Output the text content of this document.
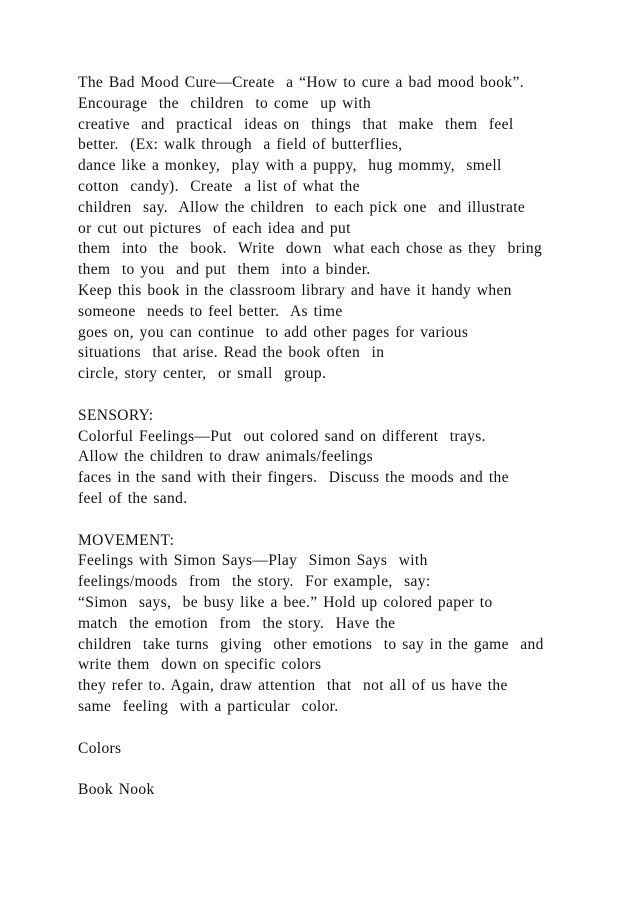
The Bad Mood Cure—Create  a “How to cure a bad mood book”.
Encourage  the  children  to come  up with
creative  and  practical  ideas on  things  that  make  them  feel
better.  (Ex: walk through  a field of butterflies,
dance like a monkey,  play with a puppy,  hug mommy,  smell
cotton  candy).  Create  a list of what the
children  say.  Allow the children  to each pick one  and illustrate
or cut out pictures  of each idea and put
them  into  the  book.  Write  down  what each chose as they  bring
them  to you  and put  them  into a binder.
Keep this book in the classroom library and have it handy when
someone  needs to feel better.  As time
goes on, you can continue  to add other pages for various
situations  that arise. Read the book often  in
circle, story center,  or small  group.
SENSORY:
Colorful Feelings—Put  out colored sand on different  trays.
Allow the children to draw animals/feelings
faces in the sand with their fingers.  Discuss the moods and the
feel of the sand.
MOVEMENT:
Feelings with Simon Says—Play  Simon Says  with
feelings/moods  from  the story.  For example,  say:
“Simon  says,  be busy like a bee.” Hold up colored paper to
match  the emotion  from  the story.  Have the
children  take turns  giving  other emotions  to say in the game  and
write them  down on specific colors
they refer to. Again, draw attention  that  not all of us have the
same  feeling  with a particular  color.
Colors
Book Nook
